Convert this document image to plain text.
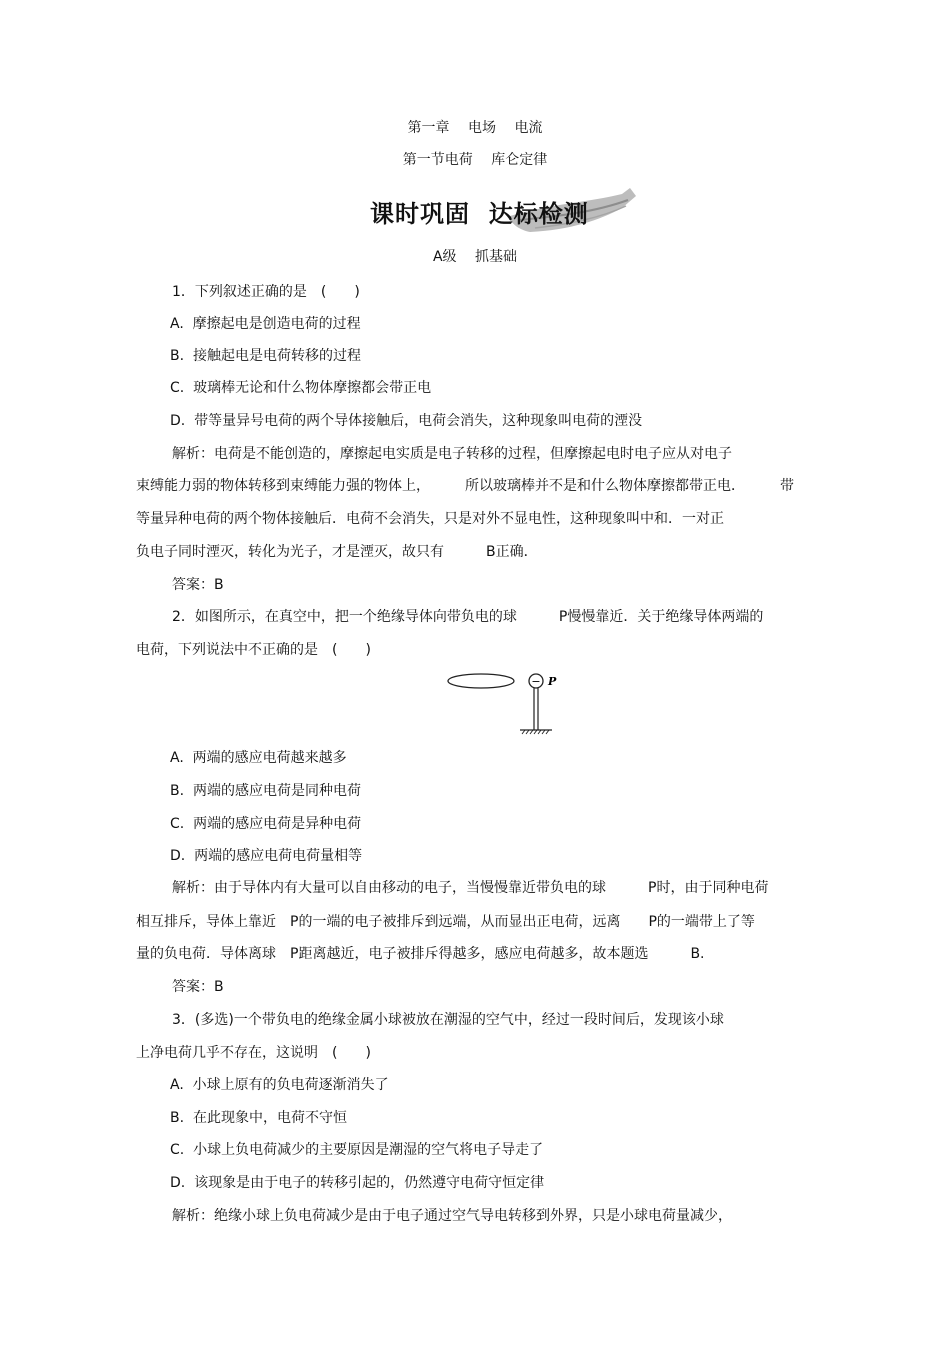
第一章　 电场　 电流
第一节电荷　 库仑定律
课时巩固  达标检测
A级　 抓基础
1．下列叙述正确的是　(　　)
A.  摩擦起电是创造电荷的过程
B.  接触起电是电荷转移的过程
C.  玻璃棒无论和什么物体摩擦都会带正电
D.  带等量异号电荷的两个导体接触后，电荷会消失，这种现象叫电荷的湮没
解析：电荷是不能创造的，摩擦起电实质是电子转移的过程，但摩擦起电时电子应从对电子
束缚能力弱的物体转移到束缚能力强的物体上，　　　所以玻璃棒并不是和什么物体摩擦都带正电．　　　带
等量异种电荷的两个物体接触后．电荷不会消失，只是对外不显电性，这种现象叫中和．一对正
负电子同时湮灭，转化为光子，才是湮灭，故只有　　　B正确．
答案：B
2．如图所示，在真空中，把一个绝缘导体向带负电的球　　　P慢慢靠近．关于绝缘导体两端的
电荷，下列说法中不正确的是　(　　)
− P
A.  两端的感应电荷越来越多
B.  两端的感应电荷是同种电荷
C.  两端的感应电荷是异种电荷
D.  两端的感应电荷电荷量相等
解析：由于导体内有大量可以自由移动的电子，当慢慢靠近带负电的球　　　P时，由于同种电荷
相互排斥，导体上靠近　P的一端的电子被排斥到远端，从而显出正电荷，远离　　P的一端带上了等
量的负电荷．导体离球　P距离越近，电子被排斥得越多，感应电荷越多，故本题选　　　B.
答案：B
3．(多选)一个带负电的绝缘金属小球被放在潮湿的空气中，经过一段时间后，发现该小球
上净电荷几乎不存在，这说明　(　　)
A.  小球上原有的负电荷逐渐消失了
B.  在此现象中，电荷不守恒
C.  小球上负电荷减少的主要原因是潮湿的空气将电子导走了
D.  该现象是由于电子的转移引起的，仍然遵守电荷守恒定律
解析：绝缘小球上负电荷减少是由于电子通过空气导电转移到外界，只是小球电荷量减少，
